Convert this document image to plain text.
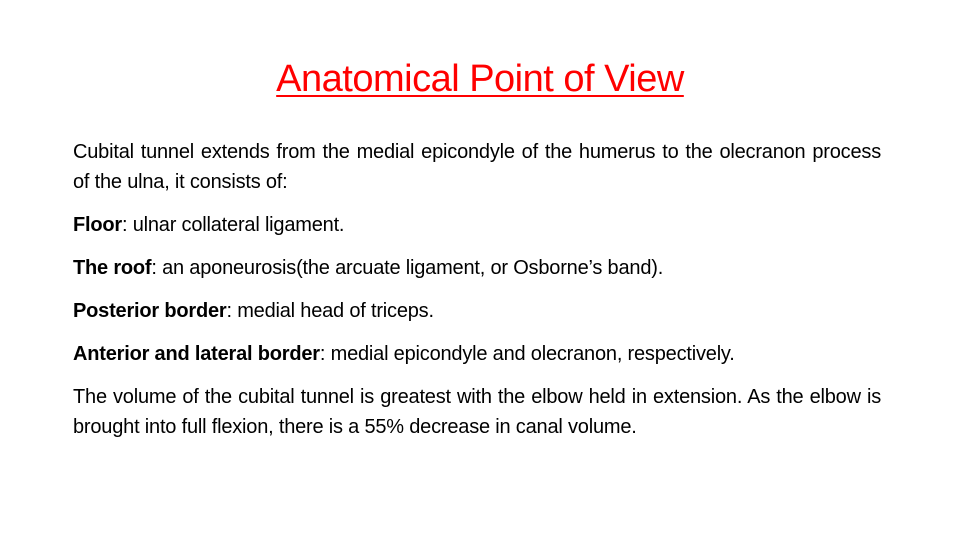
Anatomical Point of View

Cubital tunnel extends from the medial epicondyle of the humerus to the olecranon process of the ulna, it consists of:

Floor: ulnar collateral ligament.

The roof: an aponeurosis(the arcuate ligament, or Osborne’s band).

Posterior border: medial head of triceps.

Anterior and lateral border: medial epicondyle and olecranon, respectively.

The volume of the cubital tunnel is greatest with the elbow held in extension. As the elbow is brought into full flexion, there is a 55% decrease in canal volume.
